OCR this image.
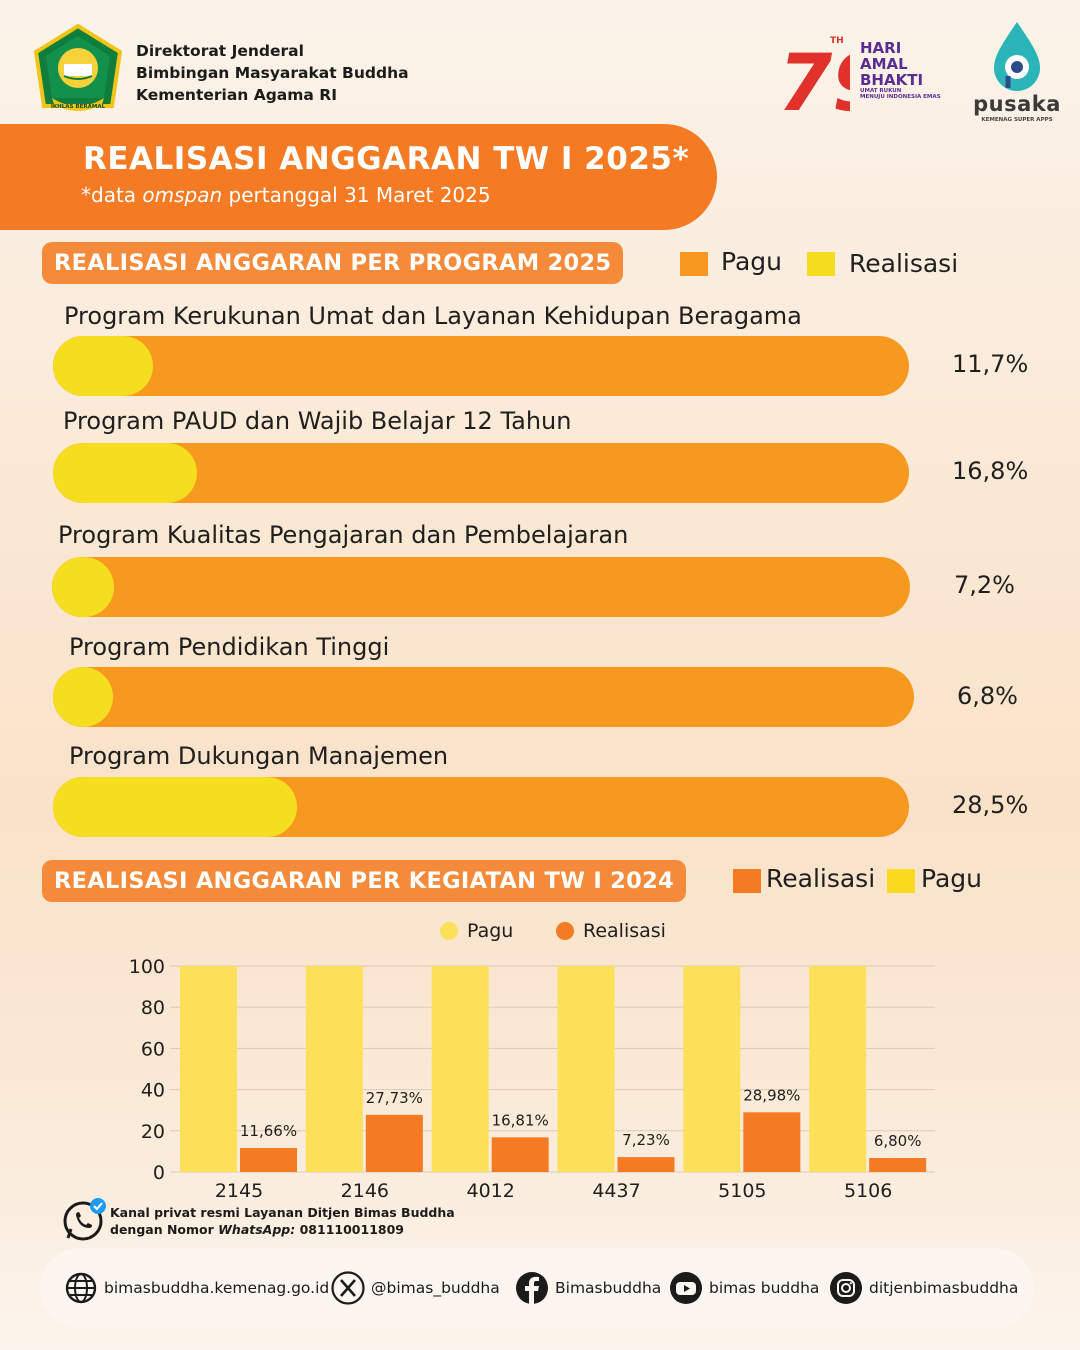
IKHLAS BERAMAL
Direktorat Jenderal
Bimbingan Masyarakat Buddha
Kementerian Agama RI	7
TH HARI
AMAL
BHAKTI
UMAT RUKUN
MENUJU INDONESIA EMAS pusaka
KEMENAG SUPER APPS
REALISASI ANGGARAN TW I 2025*
*data omspan pertanggal 31 Maret 2025
REALISASI ANGGARAN PER PROGRAM 2025	Pagu	Realisasi
Program Kerukunan Umat dan Layanan Kehidupan Beragama
11,7%
Program PAUD dan Wajib Belajar 12 Tahun
16,8%
Program Kualitas Pengajaran dan Pembelajaran
7,2%
Program Pendidikan Tinggi
6,8%
Program Dukungan Manajemen
28,5%
REALISASI ANGGARAN PER KEGIATAN TW I 2024	Realisasi Pagu
Pagu	Realisasi
0
20
40
60
80
100
11,66%
2145
27,73%
2146
16,81%
4012
7,23%
4437
28,98%
5105
6,80%
5106
Kanal privat resmi Layanan Ditjen Bimas Buddha
dengan Nomor WhatsApp: 081110011809
bimasbuddha.kemenag.go.id	@bimas_buddha	Bimasbuddha	bimas buddha	ditjenbimasbuddha
